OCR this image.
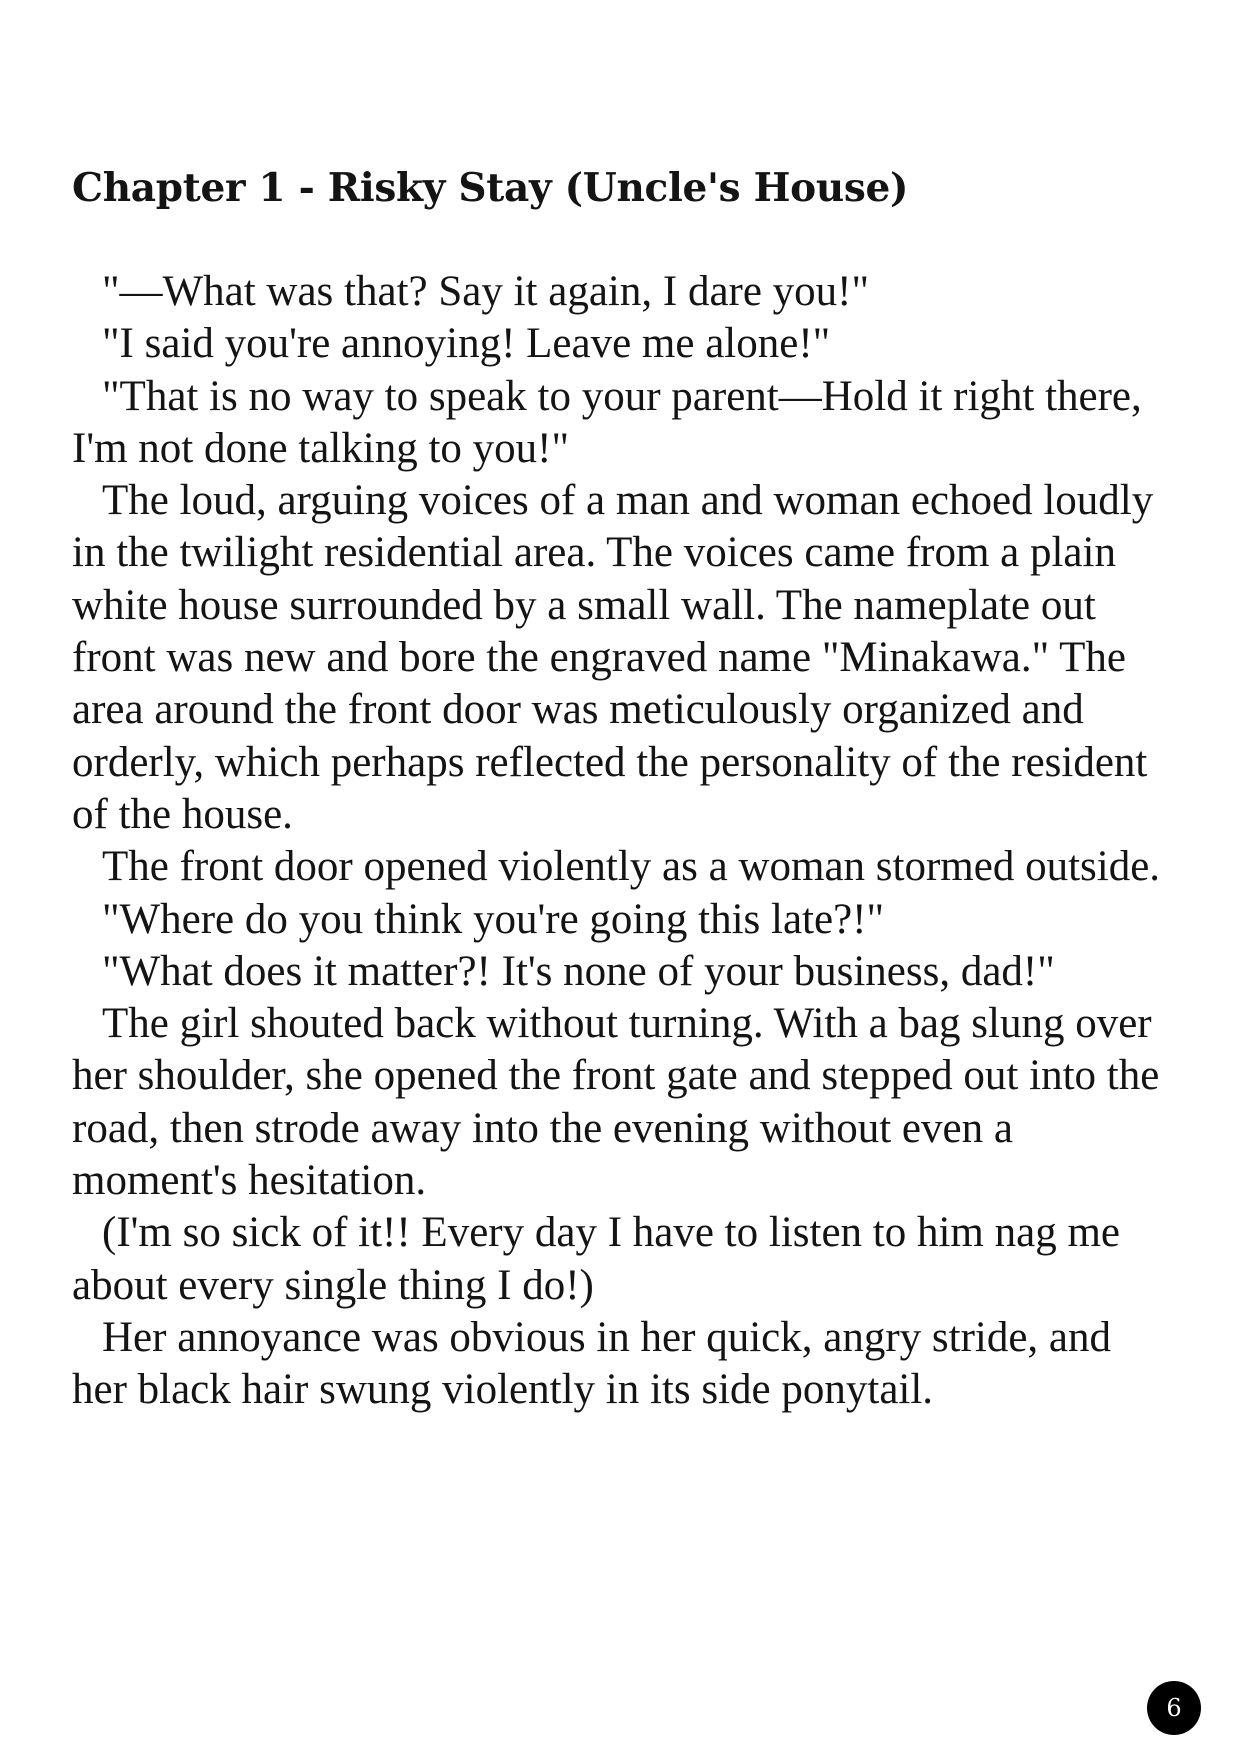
Chapter 1 - Risky Stay (Uncle's House)

"—What was that? Say it again, I dare you!"

"I said you're annoying! Leave me alone!"

"That is no way to speak to your parent—Hold it right there, I'm not done talking to you!"

The loud, arguing voices of a man and woman echoed loudly in the twilight residential area. The voices came from a plain white house surrounded by a small wall. The nameplate out front was new and bore the engraved name "Minakawa." The area around the front door was meticulously organized and orderly, which perhaps reflected the personality of the resident of the house.

The front door opened violently as a woman stormed outside.

"Where do you think you're going this late?!"

"What does it matter?! It's none of your business, dad!"

The girl shouted back without turning. With a bag slung over her shoulder, she opened the front gate and stepped out into the road, then strode away into the evening without even a moment's hesitation.

(I'm so sick of it!! Every day I have to listen to him nag me about every single thing I do!)

Her annoyance was obvious in her quick, angry stride, and her black hair swung violently in its side ponytail.

6
